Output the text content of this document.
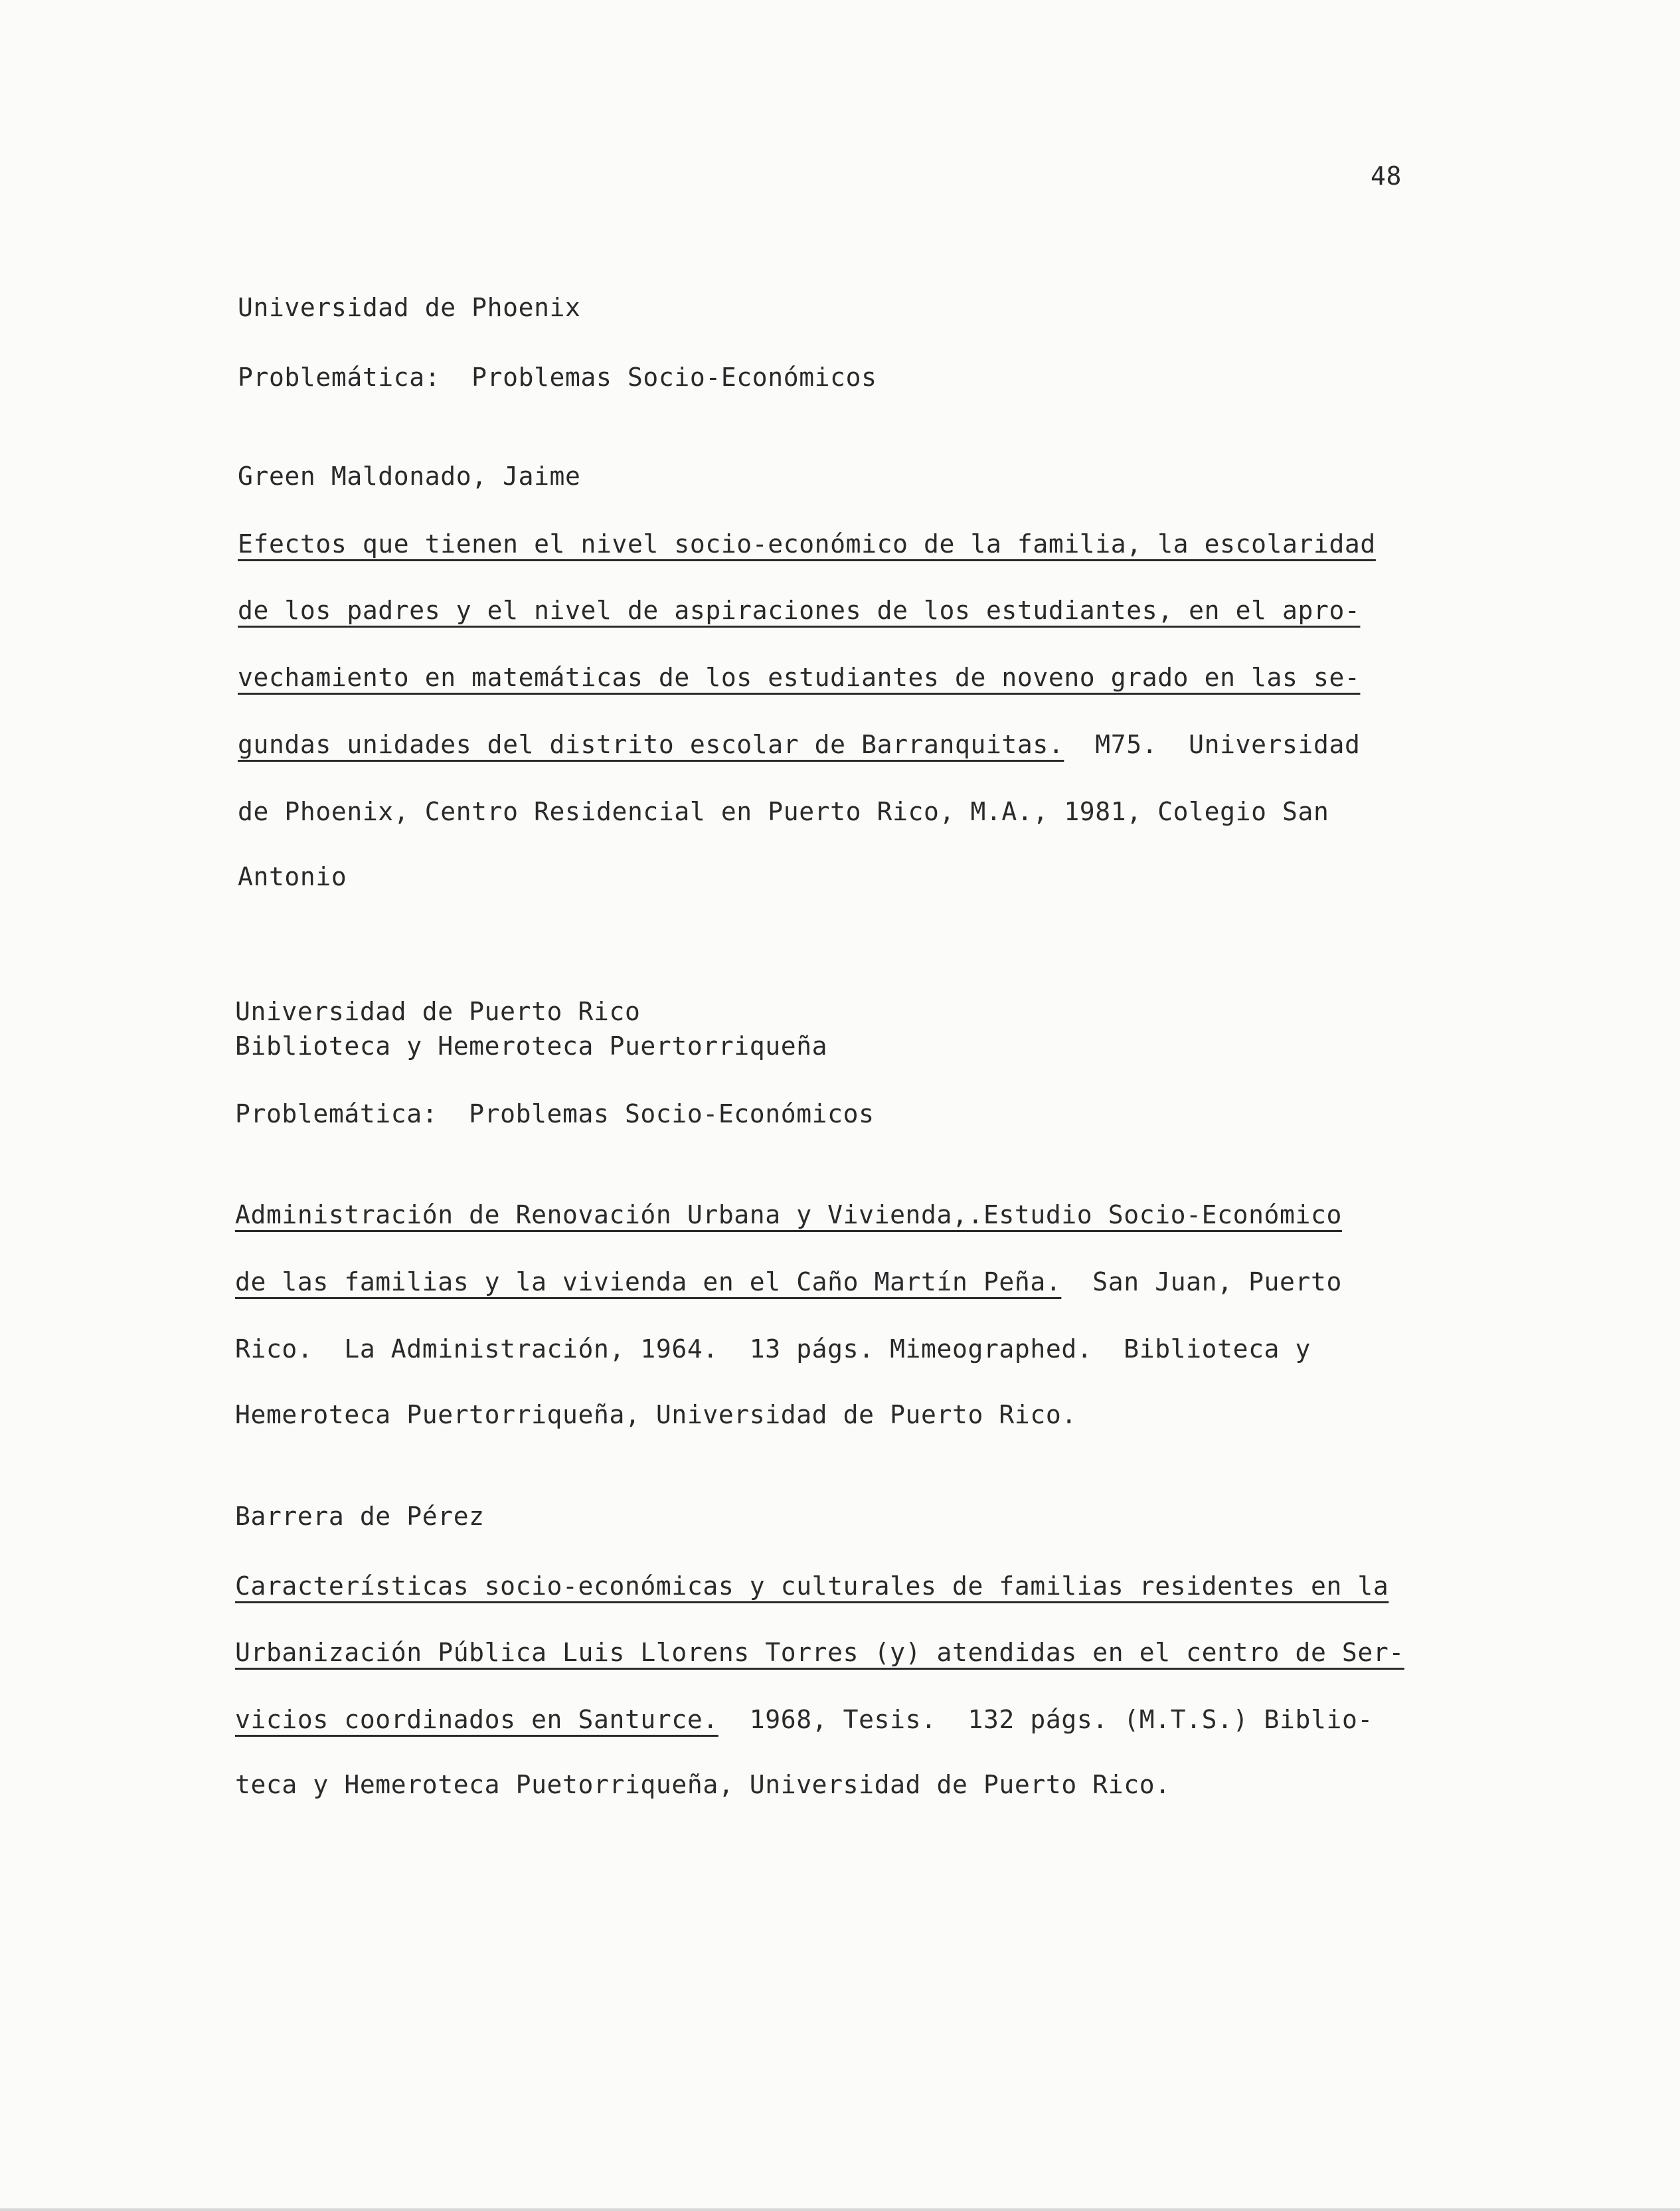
48
Universidad de Phoenix
Problemática:  Problemas Socio-Económicos
Green Maldonado, Jaime
Efectos que tienen el nivel socio-económico de la familia, la escolaridad
de los padres y el nivel de aspiraciones de los estudiantes, en el apro-
vechamiento en matemáticas de los estudiantes de noveno grado en las se-
gundas unidades del distrito escolar de Barranquitas.  M75.  Universidad
de Phoenix, Centro Residencial en Puerto Rico, M.A., 1981, Colegio San
Antonio
Universidad de Puerto Rico
Biblioteca y Hemeroteca Puertorriqueña
Problemática:  Problemas Socio-Económicos
Administración de Renovación Urbana y Vivienda,.Estudio Socio-Económico
de las familias y la vivienda en el Caño Martín Peña.  San Juan, Puerto
Rico.  La Administración, 1964.  13 págs. Mimeographed.  Biblioteca y
Hemeroteca Puertorriqueña, Universidad de Puerto Rico.
Barrera de Pérez
Características socio-económicas y culturales de familias residentes en la
Urbanización Pública Luis Llorens Torres (y) atendidas en el centro de Ser-
vicios coordinados en Santurce.  1968, Tesis.  132 págs. (M.T.S.) Biblio-
teca y Hemeroteca Puetorriqueña, Universidad de Puerto Rico.
